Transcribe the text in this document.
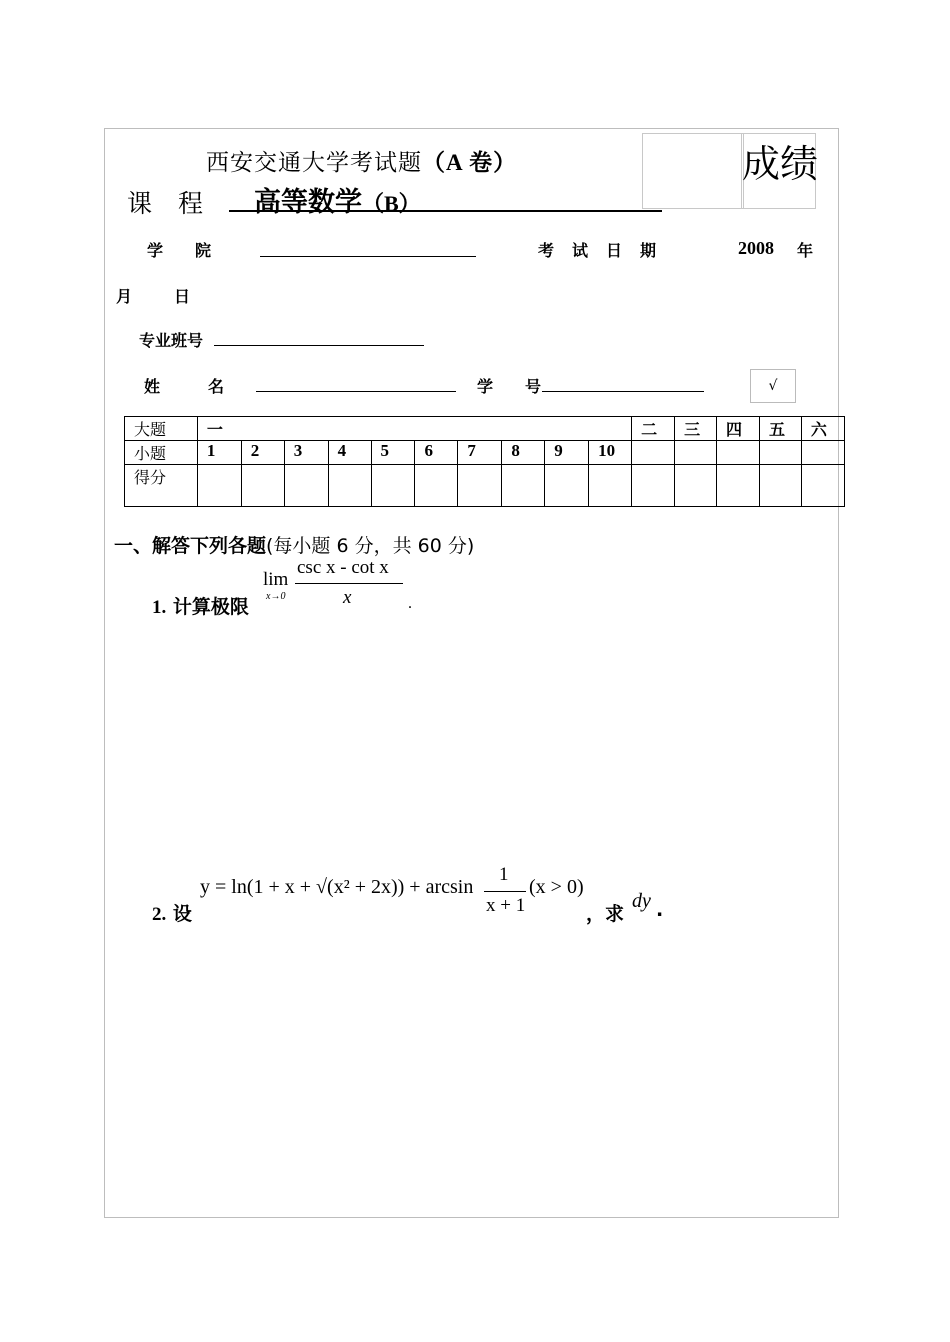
西安交通大学考试题（A 卷）	成绩
课程 高等数学（B）
学　　院	考　试　日　期	2008 年
月	日
专业班号
姓　　　名	学　　号	√
大题	一										二	三	四	五	六
小题	1	2	3	4	5	6	7	8	9	10					
得分															
一、解答下列各题(每小题 6 分，共 60 分)
1. 计算极限
lim
x→0
csc x - cot x
x	.
2. 设
y = ln(1 + x + √(x² + 2x)) + arcsin
1
x + 1
(x > 0)
，求
dy .
